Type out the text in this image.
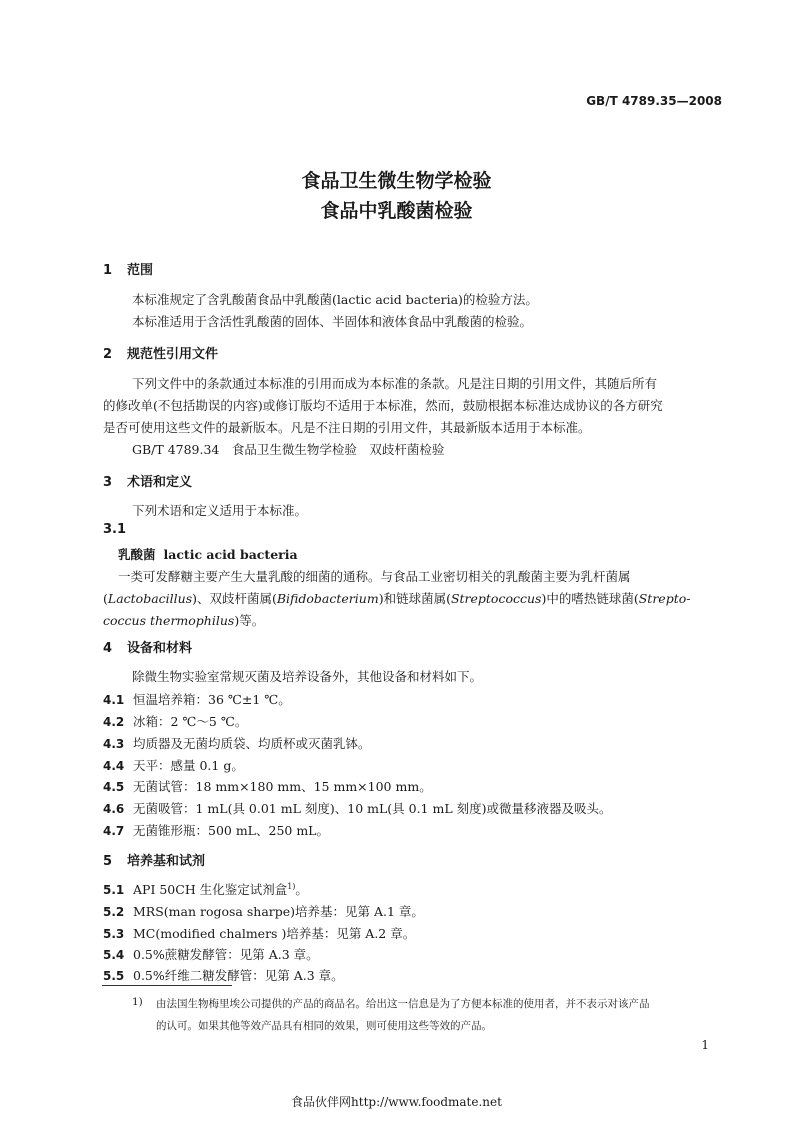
GB/T 4789.35—2008
食品卫生微生物学检验
食品中乳酸菌检验
1 范围
本标准规定了含乳酸菌食品中乳酸菌(lactic acid bacteria)的检验方法。
本标准适用于含活性乳酸菌的固体、半固体和液体食品中乳酸菌的检验。
2 规范性引用文件
下列文件中的条款通过本标准的引用而成为本标准的条款。凡是注日期的引用文件，其随后所有
的修改单(不包括勘误的内容)或修订版均不适用于本标准，然而，鼓励根据本标准达成协议的各方研究
是否可使用这些文件的最新版本。凡是不注日期的引用文件，其最新版本适用于本标准。
GB/T 4789.34　食品卫生微生物学检验　双歧杆菌检验
3 术语和定义
下列术语和定义适用于本标准。
3.1
乳酸菌 lactic acid bacteria
一类可发酵糖主要产生大量乳酸的细菌的通称。与食品工业密切相关的乳酸菌主要为乳杆菌属
(Lactobacillus)、双歧杆菌属(Bifidobacterium)和链球菌属(Streptococcus)中的嗜热链球菌(Strepto-
coccus thermophilus)等。
4 设备和材料
除微生物实验室常规灭菌及培养设备外，其他设备和材料如下。
4.1 恒温培养箱：36 ℃±1 ℃。
4.2 冰箱：2 ℃～5 ℃。
4.3 均质器及无菌均质袋、均质杯或灭菌乳钵。
4.4 天平：感量 0.1 g。
4.5 无菌试管：18 mm×180 mm、15 mm×100 mm。
4.6 无菌吸管：1 mL(具 0.01 mL 刻度)、10 mL(具 0.1 mL 刻度)或微量移液器及吸头。
4.7 无菌锥形瓶：500 mL、250 mL。
5 培养基和试剂
5.1 API 50CH 生化鉴定试剂盒$^{1)}$。
5.2 MRS(man rogosa sharpe)培养基：见第 A.1 章。
5.3 MC(modified chalmers )培养基：见第 A.2 章。
5.4 0.5%蔗糖发酵管：见第 A.3 章。
5.5 0.5%纤维二糖发酵管：见第 A.3 章。
1) 由法国生物梅里埃公司提供的产品的商品名。给出这一信息是为了方便本标准的使用者，并不表示对该产品
的认可。如果其他等效产品具有相同的效果，则可使用这些等效的产品。
1
食品伙伴网http://www.foodmate.net
